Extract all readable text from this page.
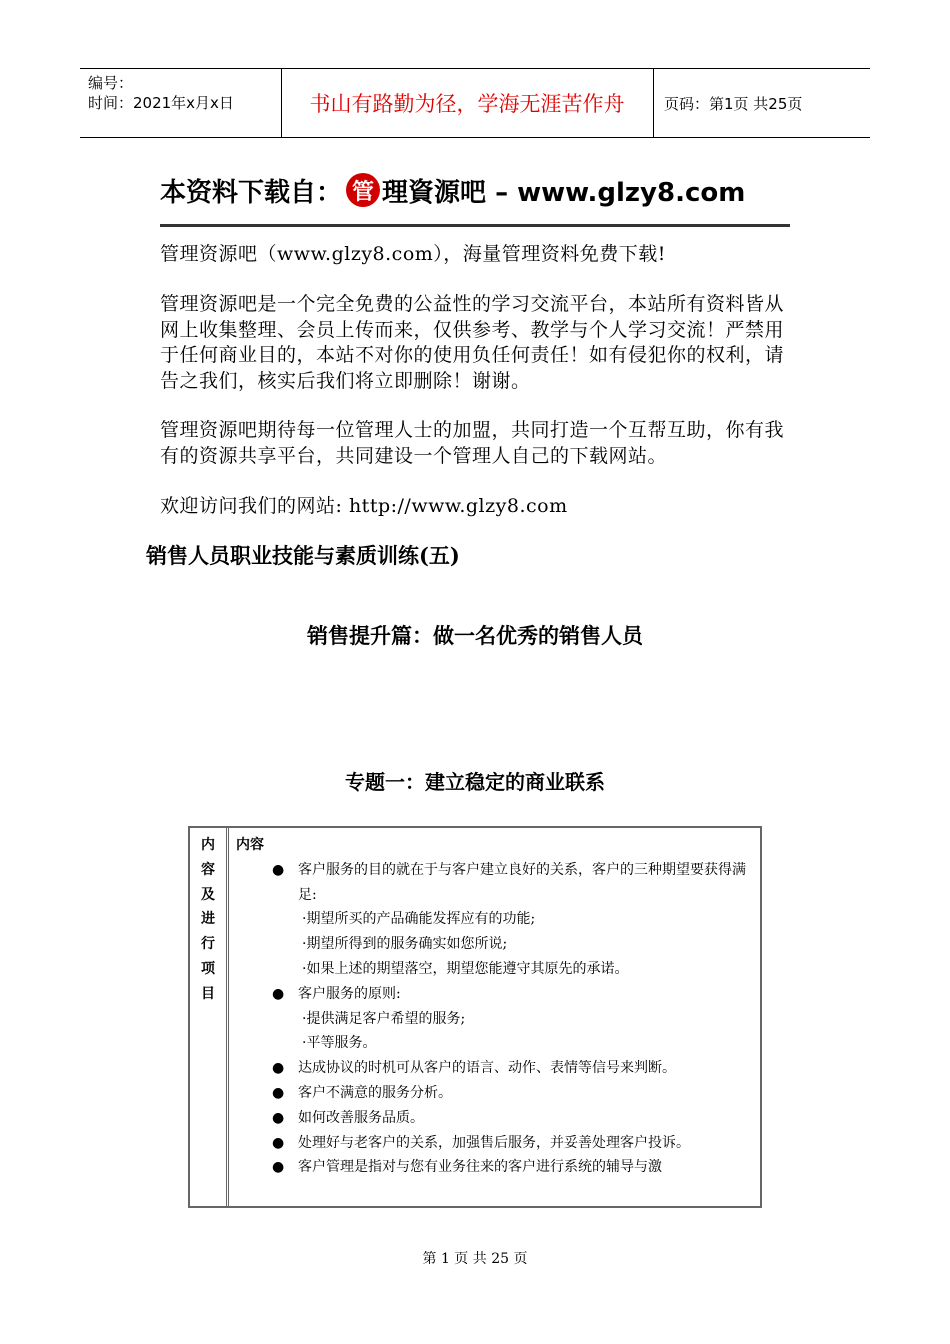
编号：
时间：2021年x月x日	书山有路勤为径，学海无涯苦作舟	页码：第1页 共25页
本资料下载自： 管 理資源吧 – www.glzy8.com
管理资源吧（www.glzy8.com），海量管理资料免费下载!
管理资源吧是一个完全免费的公益性的学习交流平台，本站所有资料皆从网上收集整理、会员上传而来，仅供参考、教学与个人学习交流！严禁用于任何商业目的，本站不对你的使用负任何责任！如有侵犯你的权利，请告之我们，核实后我们将立即删除！谢谢。
管理资源吧期待每一位管理人士的加盟，共同打造一个互帮互助，你有我有的资源共享平台，共同建设一个管理人自己的下载网站。
欢迎访问我们的网站: http://www.glzy8.com
销售人员职业技能与素质训练(五)
销售提升篇：做一名优秀的销售人员
专题一：建立稳定的商业联系
内
容
及
进
行
项
目
内容
● 客户服务的目的就在于与客户建立良好的关系，客户的三种期望要获得满足:
·期望所买的产品确能发挥应有的功能;
·期望所得到的服务确实如您所说;
·如果上述的期望落空，期望您能遵守其原先的承诺。
● 客户服务的原则:
·提供满足客户希望的服务;
·平等服务。
● 达成协议的时机可从客户的语言、动作、表情等信号来判断。
● 客户不满意的服务分析。
● 如何改善服务品质。
● 处理好与老客户的关系，加强售后服务，并妥善处理客户投诉。
● 客户管理是指对与您有业务往来的客户进行系统的辅导与激
第 1 页 共 25 页
